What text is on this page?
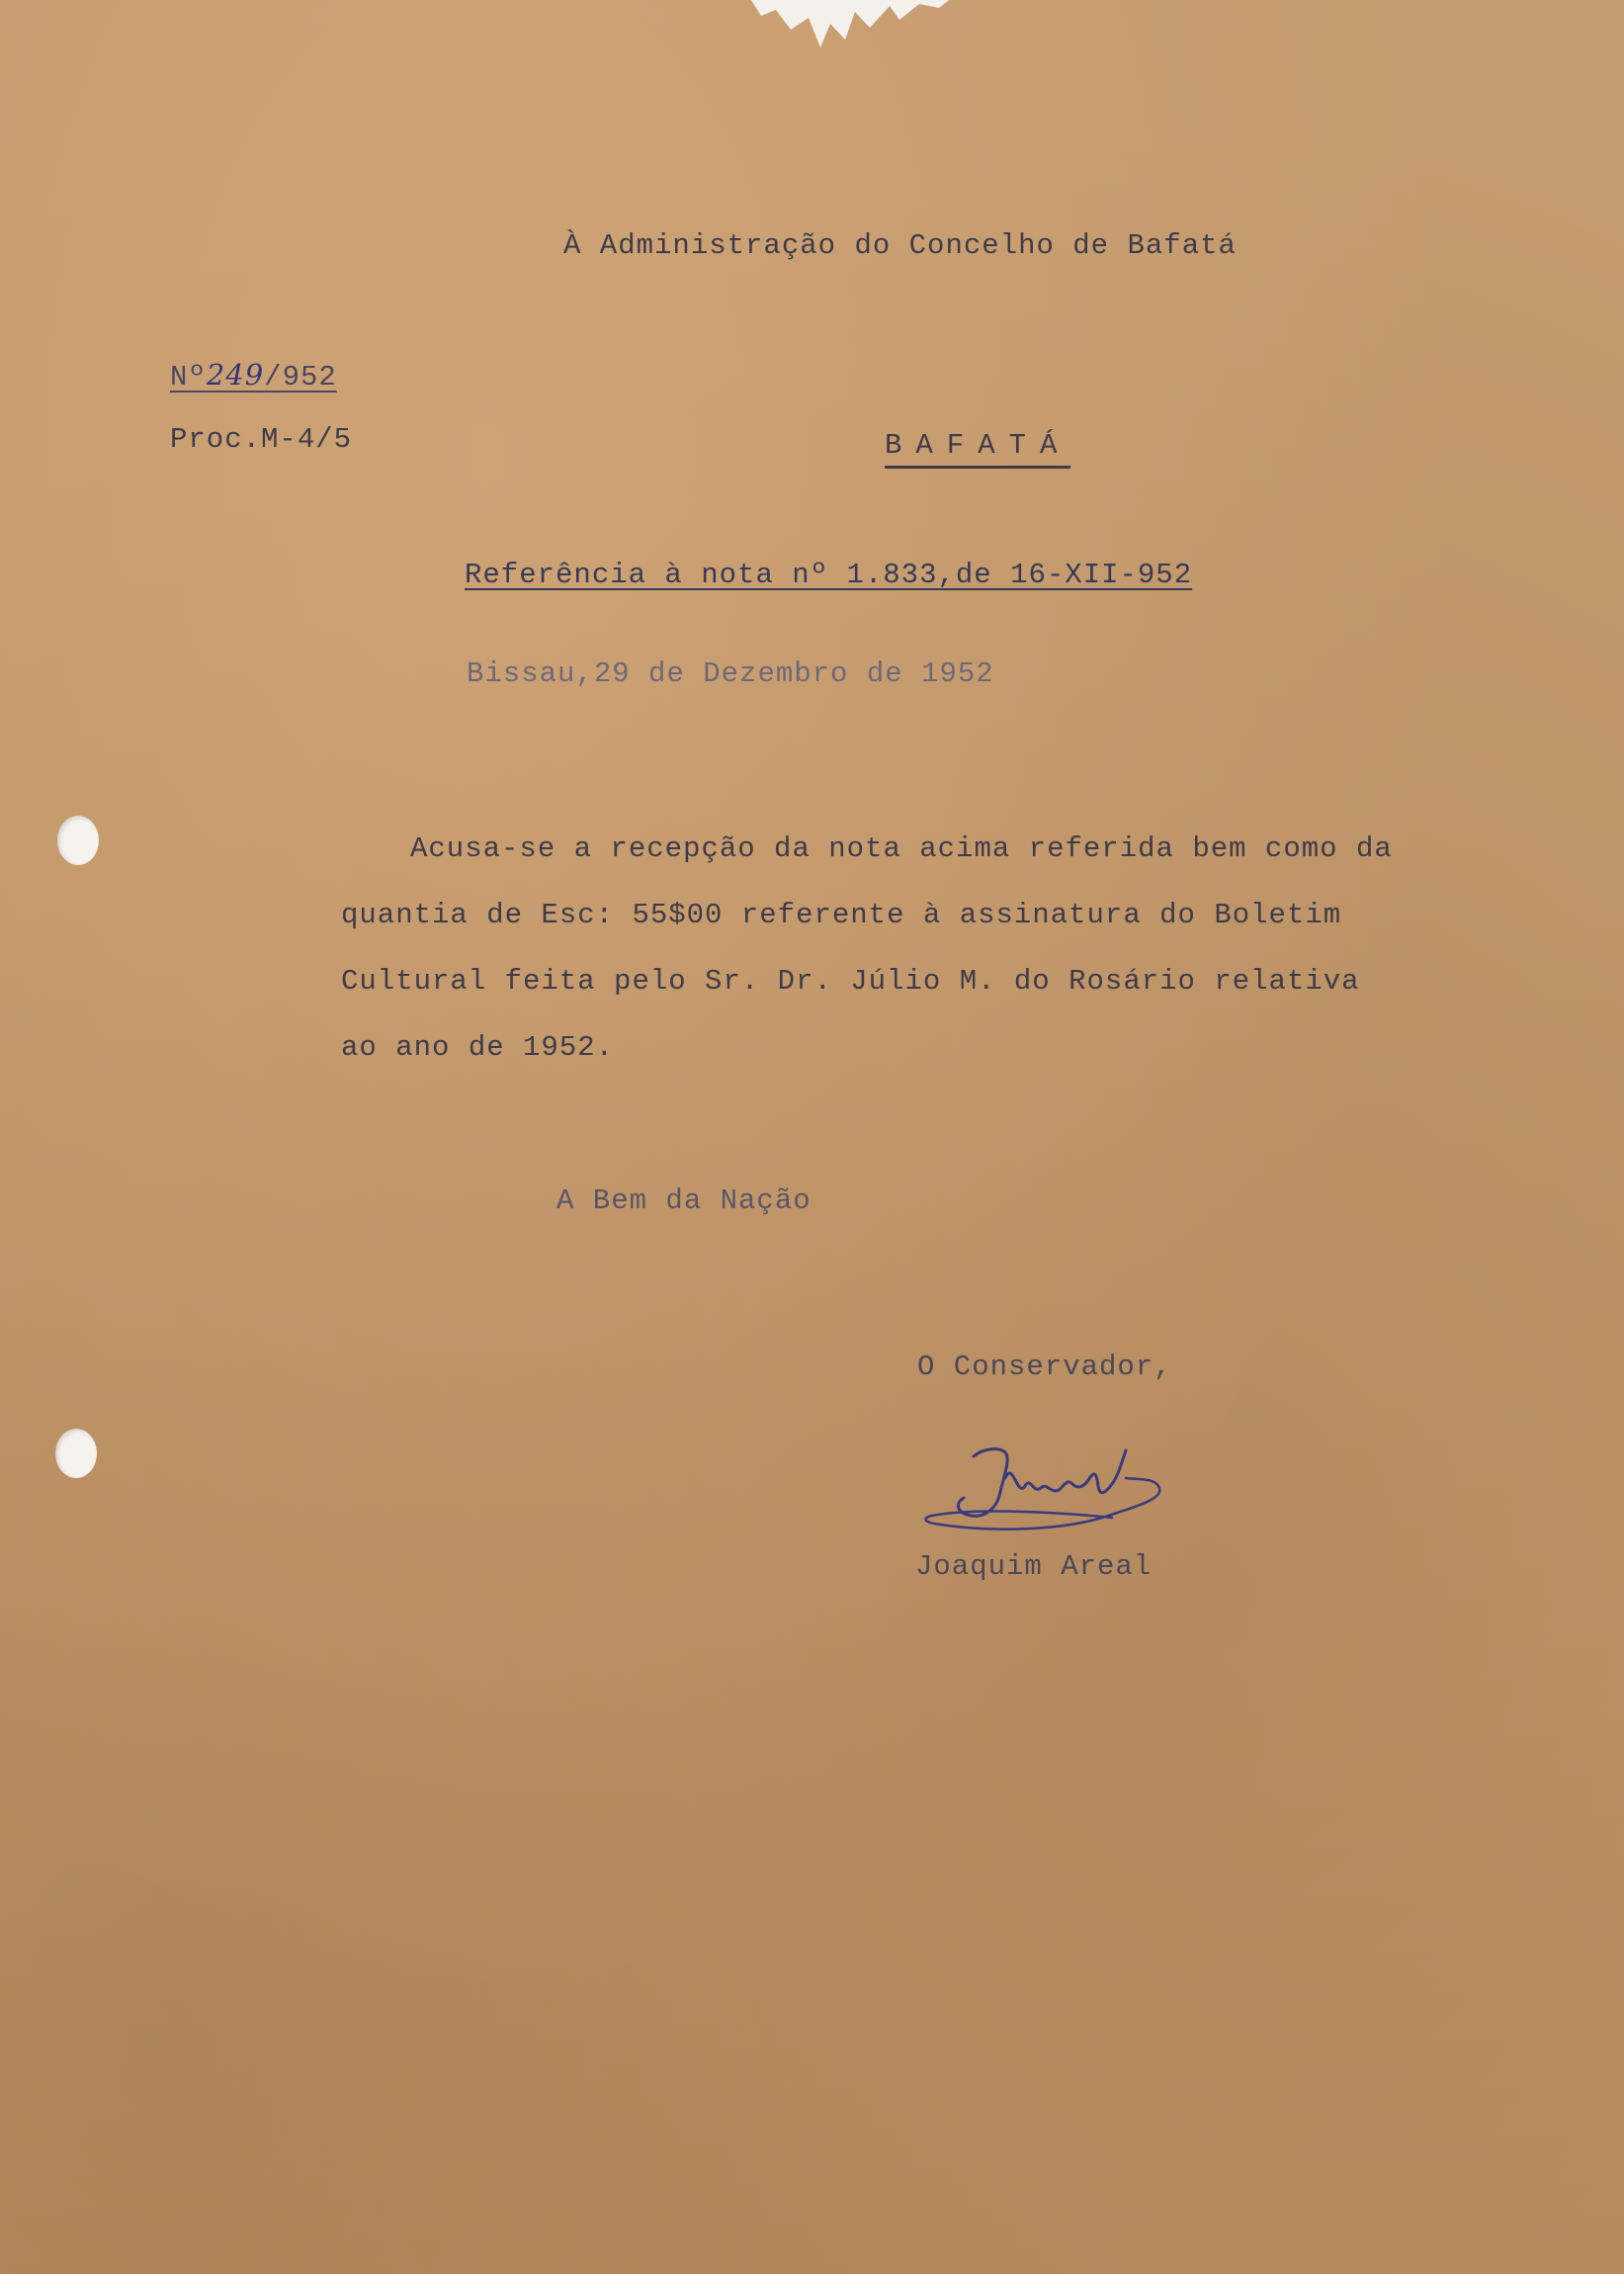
À Administração do Concelho de Bafatá
Nº249/952
Proc.M-4/5	BAFATÁ
Referência à nota nº 1.833,de 16-XII-952
Bissau,29 de Dezembro de 1952
Acusa-se a recepção da nota acima referida bem como da
quantia de Esc: 55$00 referente à assinatura do Boletim
Cultural feita pelo Sr. Dr. Júlio M. do Rosário relativa
ao ano de 1952.
A Bem da Nação
O Conservador,
Joaquim Areal
